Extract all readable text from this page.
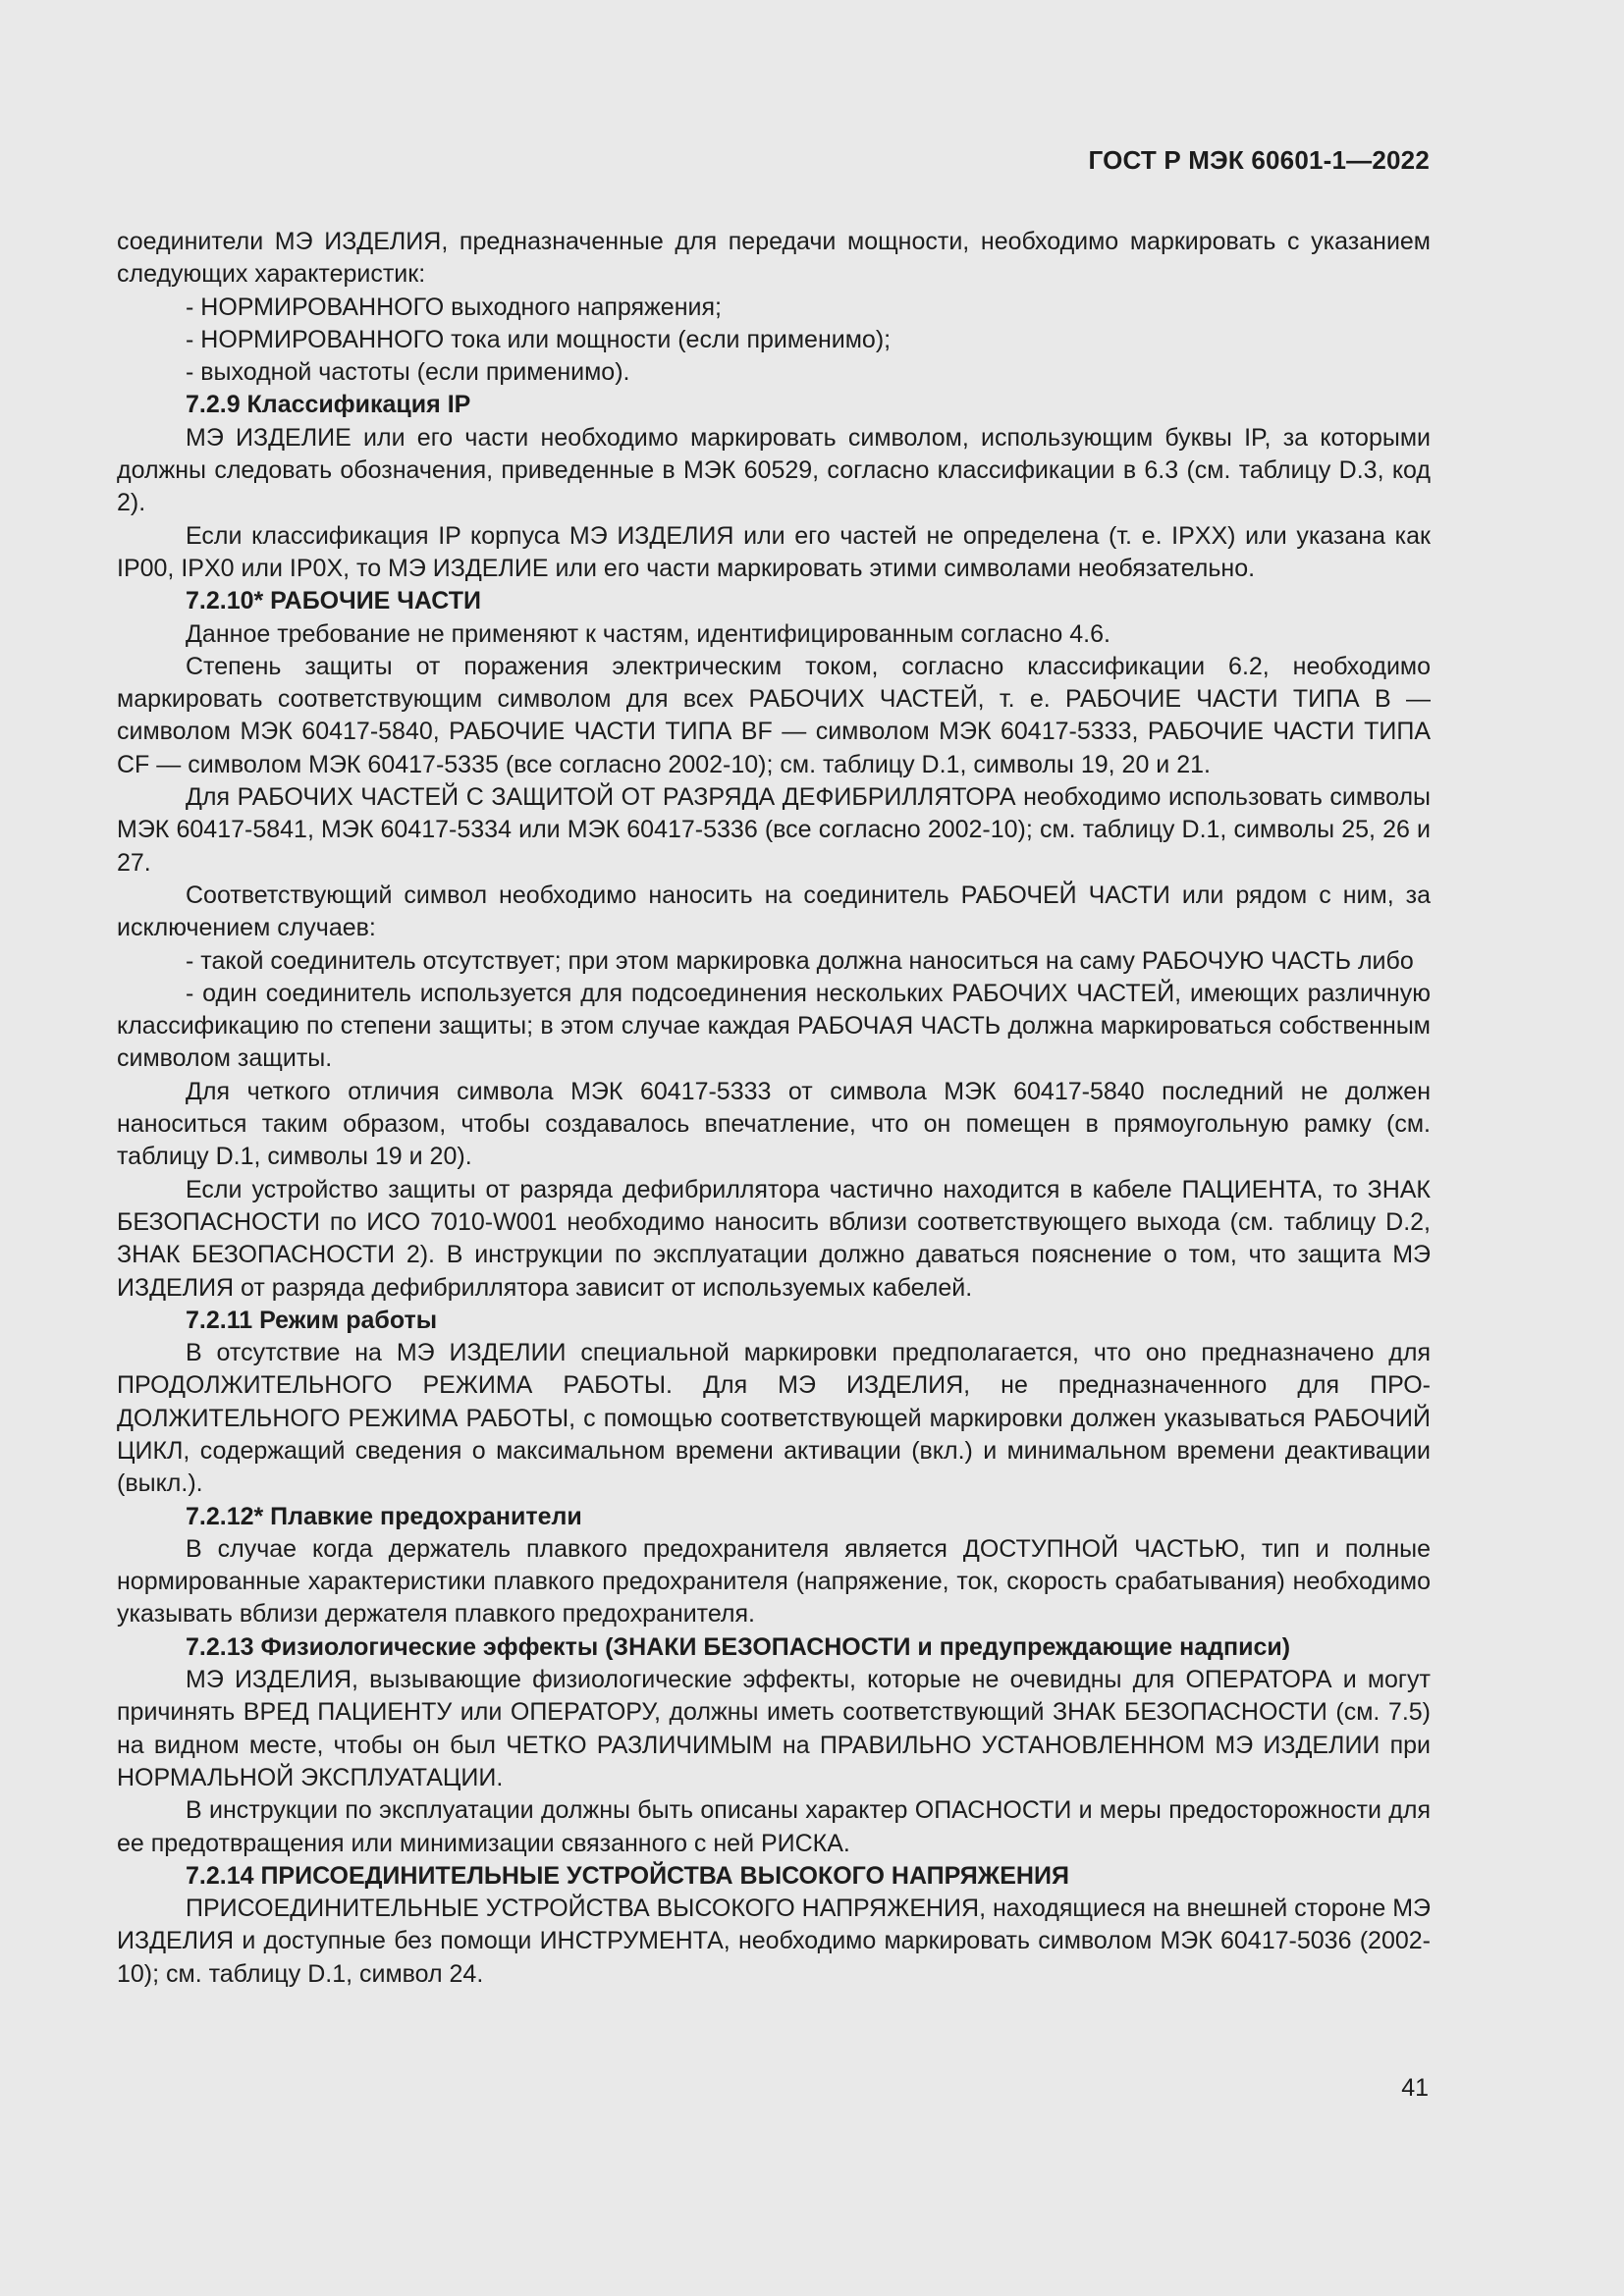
ГОСТ Р МЭК 60601-1—2022

соединители МЭ ИЗДЕЛИЯ, предназначенные для передачи мощности, необходимо маркировать с указанием следующих характеристик:

- НОРМИРОВАННОГО выходного напряжения;

- НОРМИРОВАННОГО тока или мощности (если применимо);

- выходной частоты (если применимо).

7.2.9 Классификация IP

МЭ ИЗДЕЛИЕ или его части необходимо маркировать символом, использующим буквы IP, за которыми должны следовать обозначения, приведенные в МЭК 60529, согласно классификации в 6.3 (см. таблицу D.3, код 2).

Если классификация IP корпуса МЭ ИЗДЕЛИЯ или его частей не определена (т. е. IPXX) или указана как IP00, IPX0 или IP0X, то МЭ ИЗДЕЛИЕ или его части маркировать этими символами необязательно.

7.2.10* РАБОЧИЕ ЧАСТИ

Данное требование не применяют к частям, идентифицированным согласно 4.6.

Степень защиты от поражения электрическим током, согласно классификации 6.2, необходимо маркировать соответствующим символом для всех РАБОЧИХ ЧАСТЕЙ, т. е. РАБОЧИЕ ЧАСТИ ТИПА В — символом МЭК 60417-5840, РАБОЧИЕ ЧАСТИ ТИПА BF — символом МЭК 60417-5333, РАБОЧИЕ ЧАСТИ ТИПА CF — символом МЭК 60417-5335 (все согласно 2002-10); см. таблицу D.1, символы 19, 20 и 21.

Для РАБОЧИХ ЧАСТЕЙ С ЗАЩИТОЙ ОТ РАЗРЯДА ДЕФИБРИЛЛЯТОРА необходимо использовать символы МЭК 60417-5841, МЭК 60417-5334 или МЭК 60417-5336 (все согласно 2002-10); см. таблицу D.1, символы 25, 26 и 27.

Соответствующий символ необходимо наносить на соединитель РАБОЧЕЙ ЧАСТИ или рядом с ним, за исключением случаев:

- такой соединитель отсутствует; при этом маркировка должна наноситься на саму РАБОЧУЮ ЧАСТЬ либо

- один соединитель используется для подсоединения нескольких РАБОЧИХ ЧАСТЕЙ, имеющих различную классификацию по степени защиты; в этом случае каждая РАБОЧАЯ ЧАСТЬ должна маркироваться собственным символом защиты.

Для четкого отличия символа МЭК 60417-5333 от символа МЭК 60417-5840 последний не должен наноситься таким образом, чтобы создавалось впечатление, что он помещен в прямоугольную рамку (см. таблицу D.1, символы 19 и 20).

Если устройство защиты от разряда дефибриллятора частично находится в кабеле ПАЦИЕНТА, то ЗНАК БЕЗОПАСНОСТИ по ИСО 7010-W001 необходимо наносить вблизи соответствующего выхода (см. таблицу D.2, ЗНАК БЕЗОПАСНОСТИ 2). В инструкции по эксплуатации должно даваться пояснение о том, что защита МЭ ИЗДЕЛИЯ от разряда дефибриллятора зависит от используемых кабелей.

7.2.11 Режим работы

В отсутствие на МЭ ИЗДЕЛИИ специальной маркировки предполагается, что оно предназначено для ПРОДОЛЖИТЕЛЬНОГО РЕЖИМА РАБОТЫ. Для МЭ ИЗДЕЛИЯ, не предназначенного для ПРОДОЛЖИТЕЛЬНОГО РЕЖИМА РАБОТЫ, с помощью соответствующей маркировки должен указываться РАБОЧИЙ ЦИКЛ, содержащий сведения о максимальном времени активации (вкл.) и минимальном времени деактивации (выкл.).

7.2.12* Плавкие предохранители

В случае когда держатель плавкого предохранителя является ДОСТУПНОЙ ЧАСТЬЮ, тип и полные нормированные характеристики плавкого предохранителя (напряжение, ток, скорость срабатывания) необходимо указывать вблизи держателя плавкого предохранителя.

7.2.13 Физиологические эффекты (ЗНАКИ БЕЗОПАСНОСТИ и предупреждающие надписи)

МЭ ИЗДЕЛИЯ, вызывающие физиологические эффекты, которые не очевидны для ОПЕРАТОРА и могут причинять ВРЕД ПАЦИЕНТУ или ОПЕРАТОРУ, должны иметь соответствующий ЗНАК БЕЗОПАСНОСТИ (см. 7.5) на видном месте, чтобы он был ЧЕТКО РАЗЛИЧИМЫМ на ПРАВИЛЬНО УСТАНОВЛЕННОМ МЭ ИЗДЕЛИИ при НОРМАЛЬНОЙ ЭКСПЛУАТАЦИИ.

В инструкции по эксплуатации должны быть описаны характер ОПАСНОСТИ и меры предосторожности для ее предотвращения или минимизации связанного с ней РИСКА.

7.2.14 ПРИСОЕДИНИТЕЛЬНЫЕ УСТРОЙСТВА ВЫСОКОГО НАПРЯЖЕНИЯ

ПРИСОЕДИНИТЕЛЬНЫЕ УСТРОЙСТВА ВЫСОКОГО НАПРЯЖЕНИЯ, находящиеся на внешней стороне МЭ ИЗДЕЛИЯ и доступные без помощи ИНСТРУМЕНТА, необходимо маркировать символом МЭК 60417-5036 (2002-10); см. таблицу D.1, символ 24.

41
